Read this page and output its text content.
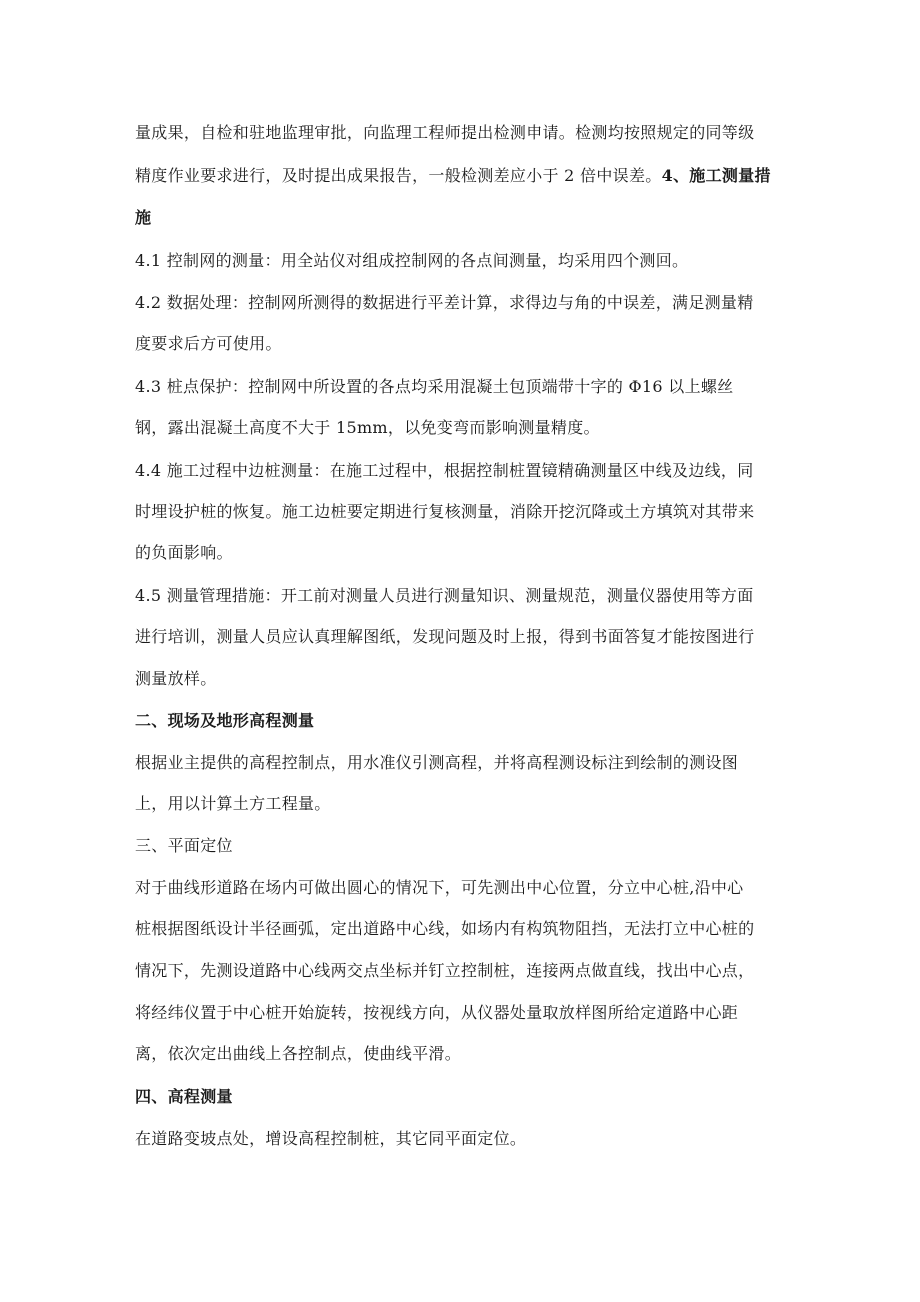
量成果，自检和驻地监理审批，向监理工程师提出检测申请。检测均按照规定的同等级
精度作业要求进行，及时提出成果报告，一般检测差应小于 2 倍中误差。4、施工测量措
施
4.1 控制网的测量：用全站仪对组成控制网的各点间测量，均采用四个测回。
4.2 数据处理：控制网所测得的数据进行平差计算，求得边与角的中误差，满足测量精
度要求后方可使用。
4.3 桩点保护：控制网中所设置的各点均采用混凝土包顶端带十字的 Φ16 以上螺丝
钢，露出混凝土高度不大于 15mm，以免变弯而影响测量精度。
4.4 施工过程中边桩测量：在施工过程中，根据控制桩置镜精确测量区中线及边线，同
时埋设护桩的恢复。施工边桩要定期进行复核测量，消除开挖沉降或土方填筑对其带来
的负面影响。
4.5 测量管理措施：开工前对测量人员进行测量知识、测量规范，测量仪器使用等方面
进行培训，测量人员应认真理解图纸，发现问题及时上报，得到书面答复才能按图进行
测量放样。
二、现场及地形高程测量
根据业主提供的高程控制点，用水准仪引测高程，并将高程测设标注到绘制的测设图
上，用以计算土方工程量。
三、平面定位
对于曲线形道路在场内可做出圆心的情况下，可先测出中心位置，分立中心桩,沿中心
桩根据图纸设计半径画弧，定出道路中心线，如场内有构筑物阻挡，无法打立中心桩的
情况下，先测设道路中心线两交点坐标并钉立控制桩，连接两点做直线，找出中心点，
将经纬仪置于中心桩开始旋转，按视线方向，从仪器处量取放样图所给定道路中心距
离，依次定出曲线上各控制点，使曲线平滑。
四、高程测量
在道路变坡点处，增设高程控制桩，其它同平面定位。
